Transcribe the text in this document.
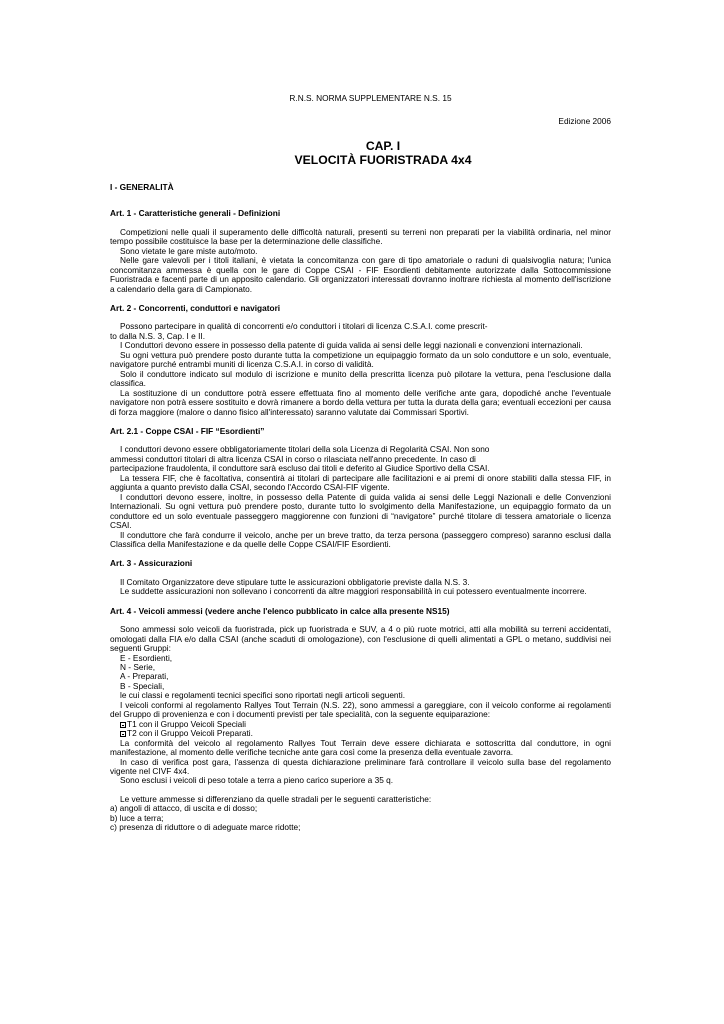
R.N.S. NORMA SUPPLEMENTARE N.S. 15

Edizione 2006

CAP. I

VELOCITÀ FUORISTRADA 4x4

I - GENERALITÀ

Art. 1 - Caratteristiche generali - Definizioni

Competizioni nelle quali il superamento delle difficoltà naturali, presenti su terreni non preparati per la viabilità ordinaria, nel minor tempo possibile costituisce la base per la determinazione delle classifiche.

Sono vietate le gare miste auto/moto.

Nelle gare valevoli per i titoli italiani, è vietata la concomitanza con gare di tipo amatoriale o raduni di qualsivoglia natura; l'unica concomitanza ammessa è quella con le gare di Coppe CSAI - FIF Esordienti debitamente autorizzate dalla Sottocommissione Fuoristrada e facenti parte di un apposito calendario. Gli organizzatori interessati dovranno inoltrare richiesta al momento dell'iscrizione a calendario della gara di Campionato.

Art. 2 - Concorrenti, conduttori e navigatori

Possono partecipare in qualità di concorrenti e/o conduttori i titolari di licenza C.S.A.I. come prescrit-

to dalla N.S. 3, Cap. I e II.

I Conduttori devono essere in possesso della patente di guida valida ai sensi delle leggi nazionali e convenzioni internazionali.

Su ogni vettura può prendere posto durante tutta la competizione un equipaggio formato da un solo conduttore e un solo, eventuale, navigatore purché entrambi muniti di licenza C.S.A.I. in corso di validità.

Solo il conduttore indicato sul modulo di iscrizione e munito della prescritta licenza può pilotare la vettura, pena l'esclusione dalla classifica.

La sostituzione di un conduttore potrà essere effettuata fino al momento delle verifiche ante gara, dopodiché anche l'eventuale navigatore non potrà essere sostituito e dovrà rimanere a bordo della vettura per tutta la durata della gara; eventuali eccezioni per causa di forza maggiore (malore o danno fisico all'interessato) saranno valutate dai Commissari Sportivi.

Art. 2.1 - Coppe CSAI - FIF “Esordienti”

I conduttori devono essere obbligatoriamente titolari della sola Licenza di Regolarità CSAI. Non sono

ammessi conduttori titolari di altra licenza CSAI in corso o rilasciata nell'anno precedente. In caso di

partecipazione fraudolenta, il conduttore sarà escluso dai titoli e deferito al Giudice Sportivo della CSAI.

La tessera FIF, che è facoltativa, consentirà ai titolari di partecipare alle facilitazioni e ai premi di onore stabiliti dalla stessa FIF, in aggiunta a quanto previsto dalla CSAI, secondo l'Accordo CSAI-FIF vigente.

I conduttori devono essere, inoltre, in possesso della Patente di guida valida ai sensi delle Leggi Nazionali e delle Convenzioni Internazionali. Su ogni vettura può prendere posto, durante tutto lo svolgimento della Manifestazione, un equipaggio formato da un conduttore ed un solo eventuale passeggero maggiorenne con funzioni di “navigatore” purché titolare di tessera amatoriale o licenza CSAI.

Il conduttore che farà condurre il veicolo, anche per un breve tratto, da terza persona (passeggero compreso) saranno esclusi dalla Classifica della Manifestazione e da quelle delle Coppe CSAI/FIF Esordienti.

Art. 3 - Assicurazioni

Il Comitato Organizzatore deve stipulare tutte le assicurazioni obbligatorie previste dalla N.S. 3.

Le suddette assicurazioni non sollevano i concorrenti da altre maggiori responsabilità in cui potessero eventualmente incorrere.

Art. 4 - Veicoli ammessi (vedere anche l'elenco pubblicato in calce alla presente NS15)

Sono ammessi solo veicoli da fuoristrada, pick up fuoristrada e SUV, a 4 o più ruote motrici, atti alla mobilità su terreni accidentati, omologati dalla FIA e/o dalla CSAI (anche scaduti di omologazione), con l'esclusione di quelli alimentati a GPL o metano, suddivisi nei seguenti Gruppi:

E - Esordienti,

N - Serie,

A - Preparati,

B - Speciali,

le cui classi e regolamenti tecnici specifici sono riportati negli articoli seguenti.

I veicoli conformi al regolamento Rallyes Tout Terrain (N.S. 22), sono ammessi a gareggiare, con il veicolo conforme ai regolamenti del Gruppo di provenienza e con i documenti previsti per tale specialità, con la seguente equiparazione:

T1 con il Gruppo Veicoli Speciali

T2 con il Gruppo Veicoli Preparati.

La conformità del veicolo al regolamento Rallyes Tout Terrain deve essere dichiarata e sottoscritta dal conduttore, in ogni manifestazione, al momento delle verifiche tecniche ante gara così come la presenza della eventuale zavorra.

In caso di verifica post gara, l'assenza di questa dichiarazione preliminare farà controllare il veicolo sulla base del regolamento vigente nel CIVF 4x4.

Sono esclusi i veicoli di peso totale a terra a pieno carico superiore a 35 q.

Le vetture ammesse si differenziano da quelle stradali per le seguenti caratteristiche:

a) angoli di attacco, di uscita e di dosso;

b) luce a terra;

c) presenza di riduttore o di adeguate marce ridotte;
